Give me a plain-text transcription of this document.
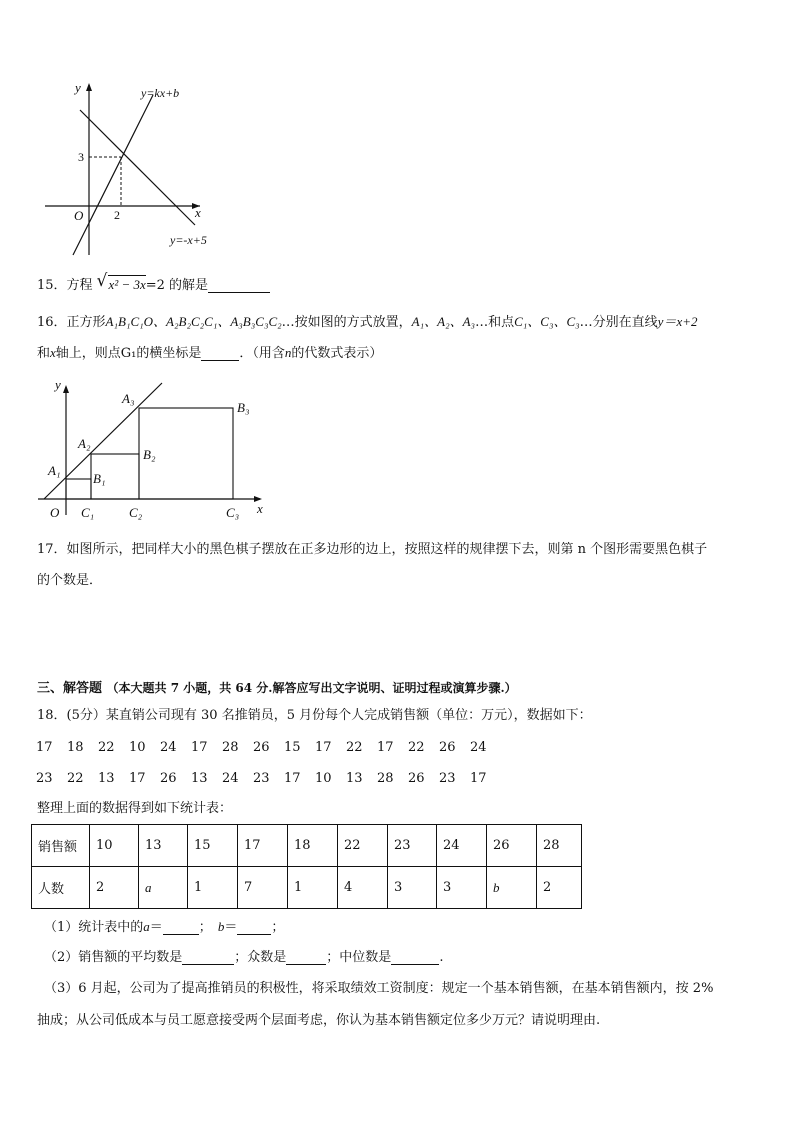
y
x
O	2
3
y=kx+b
y=-x+5
15．方程 √ x² − 3x=2 的解是
16．正方形A₁B₁C₁O、A₂B₂C₂C₁、A₃B₃C₃C₂…按如图的方式放置，A₁、A₂、A₃…和点C₁、C₃、C₃…分别在直线y＝x+2
和x轴上，则点G₁的横坐标是	．（用含n的代数式表示）
y
x
O
A₁
A₂
A₃
B₁
B₂
B₃
C₁	C₂	C₃
17．如图所示，把同样大小的黑色棋子摆放在正多边形的边上，按照这样的规律摆下去，则第 n 个图形需要黑色棋子
的个数是．
三、解答题 （本大题共 7 小题，共 64 分.解答应写出文字说明、证明过程或演算步骤.）
18．(5分）某直销公司现有 30 名推销员，5 月份每个人完成销售额（单位：万元），数据如下：
17 18 22 10 24 17 28 26 15 17 22 17 22 26 24
23 22 13 17 26 13 24 23 17 10 13 28 26 23 17
整理上面的数据得到如下统计表：
销售额	10	13	15	17	18	22	23	24	26	28
人数	2	a	1	7	1	4	3	3	b	2
（1）统计表中的a＝	； b＝	；
（2）销售额的平均数是	；众数是	；中位数是	.
（3）6 月起，公司为了提高推销员的积极性，将采取绩效工资制度：规定一个基本销售额，在基本销售额内，按 2%
抽成；从公司低成本与员工愿意接受两个层面考虑，你认为基本销售额定位多少万元？请说明理由.
